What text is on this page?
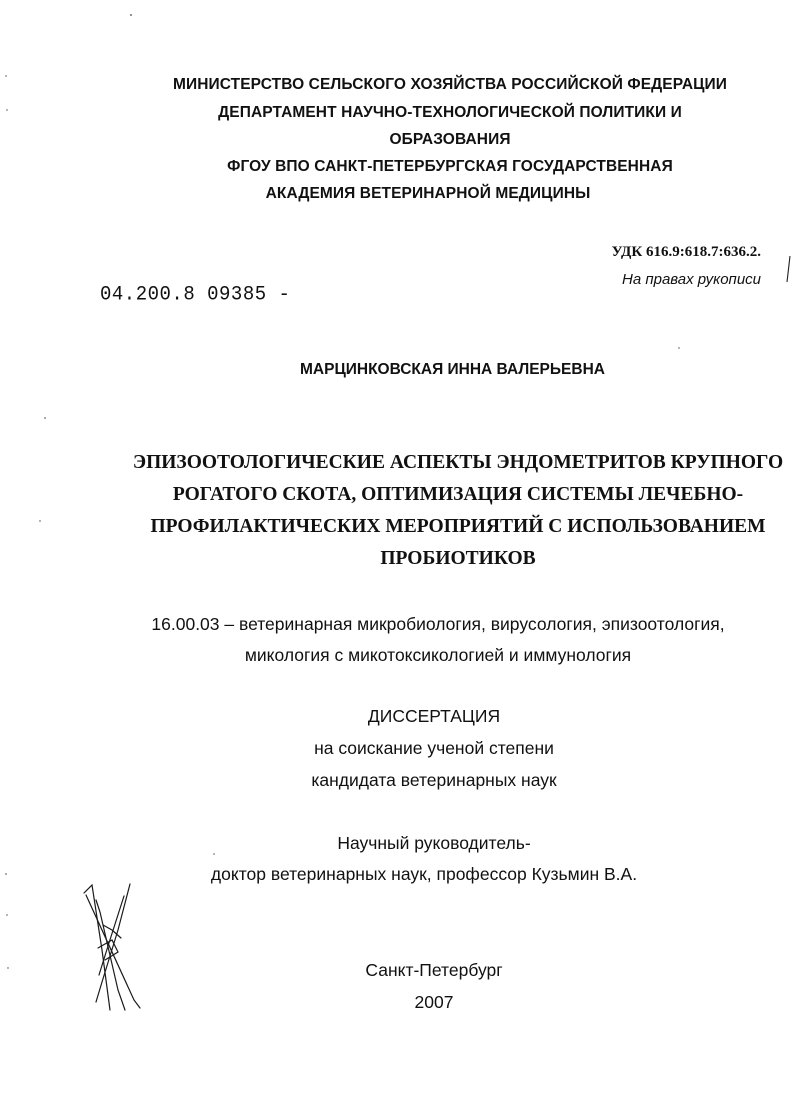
МИНИСТЕРСТВО СЕЛЬСКОГО ХОЗЯЙСТВА РОССИЙСКОЙ ФЕДЕРАЦИИ
ДЕПАРТАМЕНТ НАУЧНО-ТЕХНОЛОГИЧЕСКОЙ ПОЛИТИКИ И
ОБРАЗОВАНИЯ
ФГОУ ВПО САНКТ-ПЕТЕРБУРГСКАЯ ГОСУДАРСТВЕННАЯ
АКАДЕМИЯ ВЕТЕРИНАРНОЙ МЕДИЦИНЫ
УДК 616.9:618.7:636.2.
На правах рукописи
04.200.8 09385 -
МАРЦИНКОВСКАЯ ИННА ВАЛЕРЬЕВНА
ЭПИЗООТОЛОГИЧЕСКИЕ АСПЕКТЫ ЭНДОМЕТРИТОВ КРУПНОГО
РОГАТОГО СКОТА, ОПТИМИЗАЦИЯ СИСТЕМЫ ЛЕЧЕБНО-
ПРОФИЛАКТИЧЕСКИХ МЕРОПРИЯТИЙ С ИСПОЛЬЗОВАНИЕМ
ПРОБИОТИКОВ
16.00.03 – ветеринарная микробиология, вирусология, эпизоотология,
микология с микотоксикологией и иммунология
ДИССЕРТАЦИЯ
на соискание ученой степени
кандидата ветеринарных наук
Научный руководитель-
доктор ветеринарных наук, профессор Кузьмин В.А.
Санкт-Петербург
2007
